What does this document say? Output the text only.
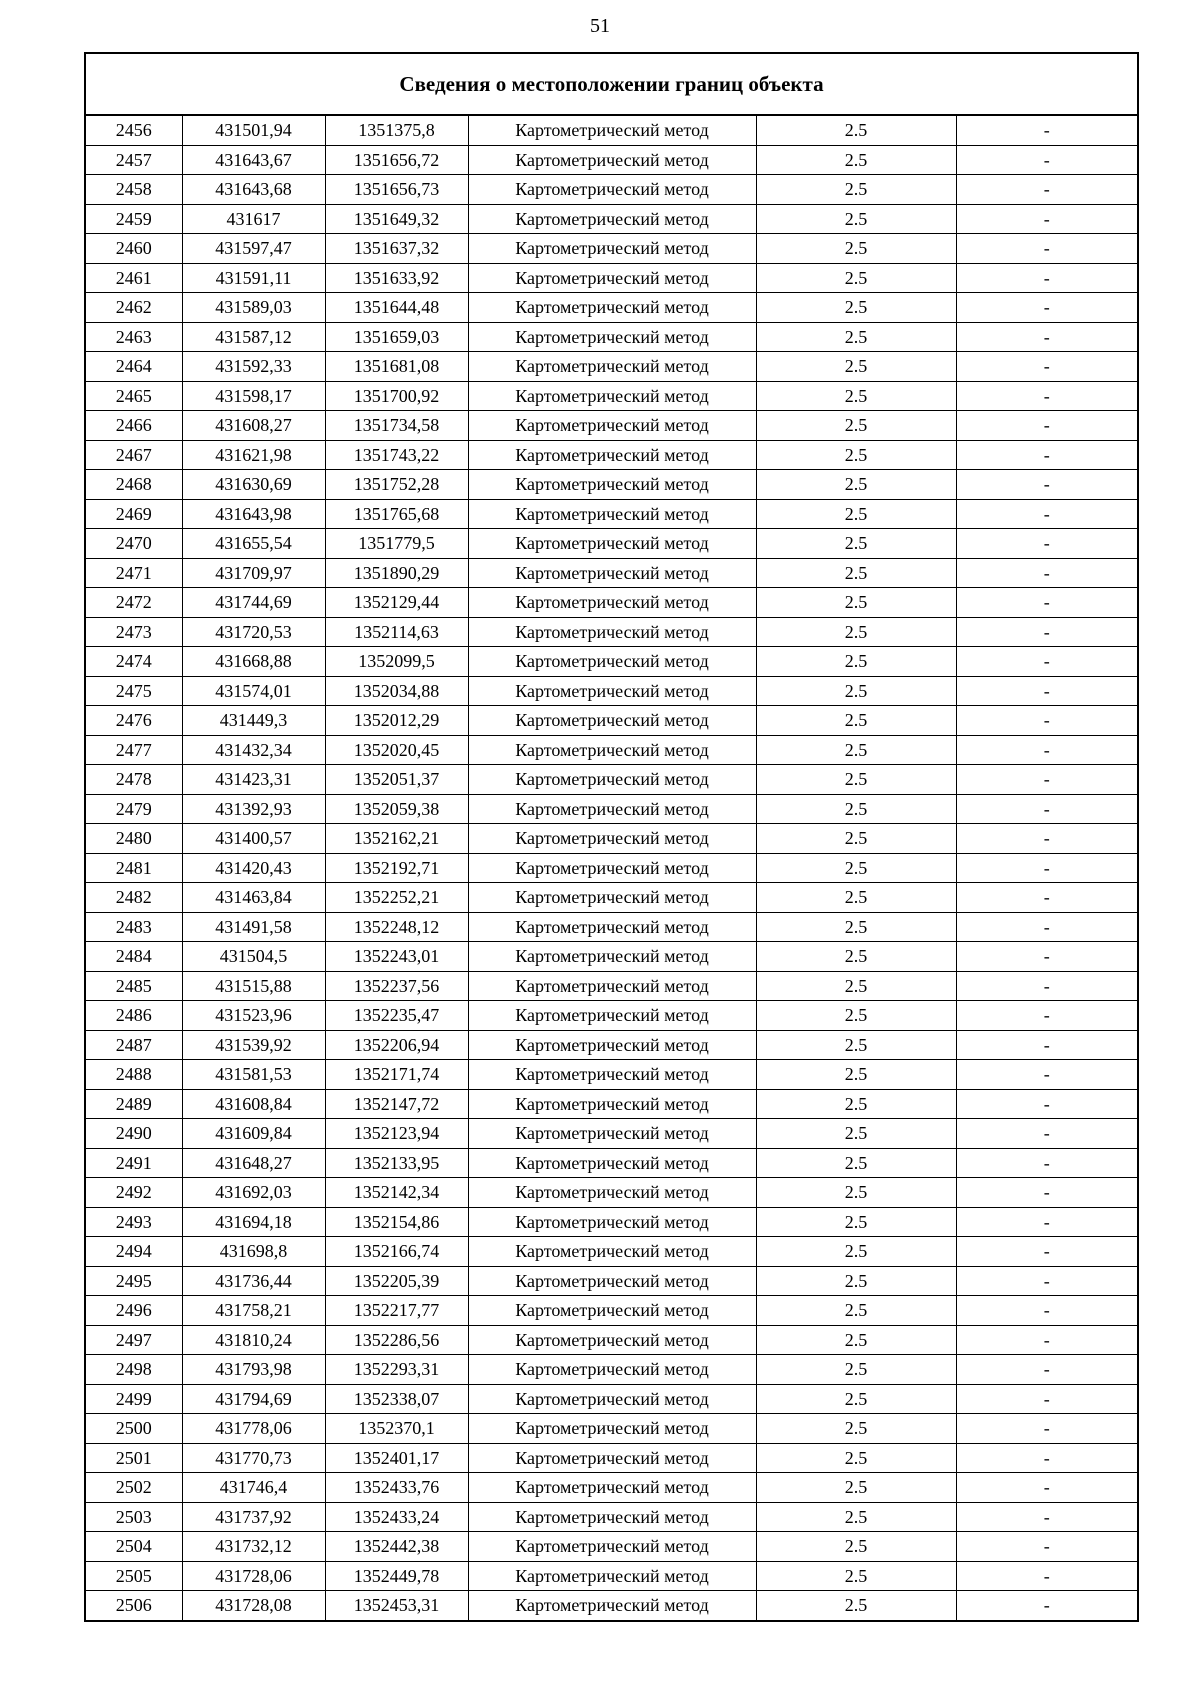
51
Сведения о местоположении границ объекта					
2456	431501,94	1351375,8	Картометрический метод	2.5	-
2457	431643,67	1351656,72	Картометрический метод	2.5	-
2458	431643,68	1351656,73	Картометрический метод	2.5	-
2459	431617	1351649,32	Картометрический метод	2.5	-
2460	431597,47	1351637,32	Картометрический метод	2.5	-
2461	431591,11	1351633,92	Картометрический метод	2.5	-
2462	431589,03	1351644,48	Картометрический метод	2.5	-
2463	431587,12	1351659,03	Картометрический метод	2.5	-
2464	431592,33	1351681,08	Картометрический метод	2.5	-
2465	431598,17	1351700,92	Картометрический метод	2.5	-
2466	431608,27	1351734,58	Картометрический метод	2.5	-
2467	431621,98	1351743,22	Картометрический метод	2.5	-
2468	431630,69	1351752,28	Картометрический метод	2.5	-
2469	431643,98	1351765,68	Картометрический метод	2.5	-
2470	431655,54	1351779,5	Картометрический метод	2.5	-
2471	431709,97	1351890,29	Картометрический метод	2.5	-
2472	431744,69	1352129,44	Картометрический метод	2.5	-
2473	431720,53	1352114,63	Картометрический метод	2.5	-
2474	431668,88	1352099,5	Картометрический метод	2.5	-
2475	431574,01	1352034,88	Картометрический метод	2.5	-
2476	431449,3	1352012,29	Картометрический метод	2.5	-
2477	431432,34	1352020,45	Картометрический метод	2.5	-
2478	431423,31	1352051,37	Картометрический метод	2.5	-
2479	431392,93	1352059,38	Картометрический метод	2.5	-
2480	431400,57	1352162,21	Картометрический метод	2.5	-
2481	431420,43	1352192,71	Картометрический метод	2.5	-
2482	431463,84	1352252,21	Картометрический метод	2.5	-
2483	431491,58	1352248,12	Картометрический метод	2.5	-
2484	431504,5	1352243,01	Картометрический метод	2.5	-
2485	431515,88	1352237,56	Картометрический метод	2.5	-
2486	431523,96	1352235,47	Картометрический метод	2.5	-
2487	431539,92	1352206,94	Картометрический метод	2.5	-
2488	431581,53	1352171,74	Картометрический метод	2.5	-
2489	431608,84	1352147,72	Картометрический метод	2.5	-
2490	431609,84	1352123,94	Картометрический метод	2.5	-
2491	431648,27	1352133,95	Картометрический метод	2.5	-
2492	431692,03	1352142,34	Картометрический метод	2.5	-
2493	431694,18	1352154,86	Картометрический метод	2.5	-
2494	431698,8	1352166,74	Картометрический метод	2.5	-
2495	431736,44	1352205,39	Картометрический метод	2.5	-
2496	431758,21	1352217,77	Картометрический метод	2.5	-
2497	431810,24	1352286,56	Картометрический метод	2.5	-
2498	431793,98	1352293,31	Картометрический метод	2.5	-
2499	431794,69	1352338,07	Картометрический метод	2.5	-
2500	431778,06	1352370,1	Картометрический метод	2.5	-
2501	431770,73	1352401,17	Картометрический метод	2.5	-
2502	431746,4	1352433,76	Картометрический метод	2.5	-
2503	431737,92	1352433,24	Картометрический метод	2.5	-
2504	431732,12	1352442,38	Картометрический метод	2.5	-
2505	431728,06	1352449,78	Картометрический метод	2.5	-
2506	431728,08	1352453,31	Картометрический метод	2.5	-
